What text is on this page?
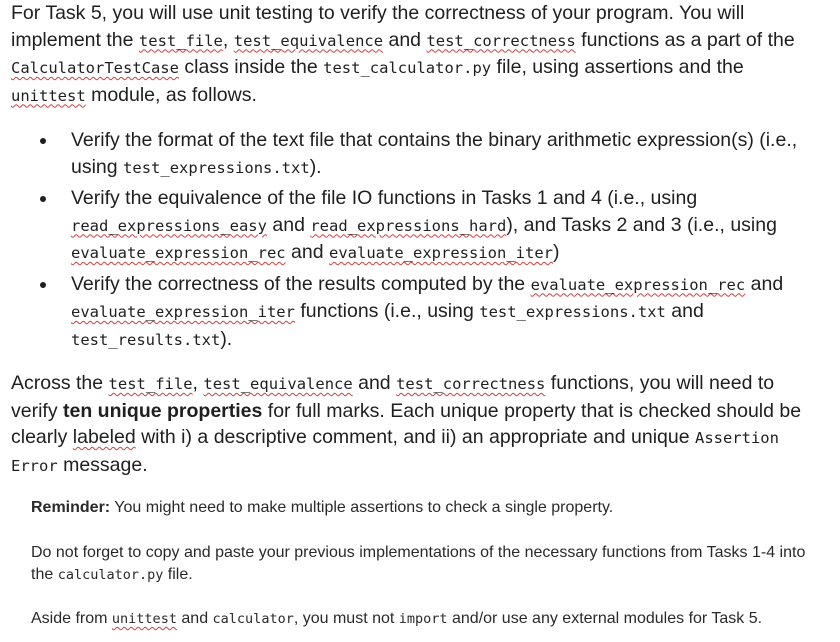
For Task 5, you will use unit testing to verify the correctness of your program. You will implement the test_file, test_equivalence and test_correctness functions as a part of the CalculatorTestCase class inside the test_calculator.py file, using assertions and the unittest module, as follows.

Verify the format of the text file that contains the binary arithmetic expression(s) (i.e., using test_expressions.txt).
Verify the equivalence of the file IO functions in Tasks 1 and 4 (i.e., using read_expressions_easy and read_expressions_hard), and Tasks 2 and 3 (i.e., using evaluate_expression_rec and evaluate_expression_iter)
Verify the correctness of the results computed by the evaluate_expression_rec and evaluate_expression_iter functions (i.e., using test_expressions.txt and test_results.txt).

Across the test_file, test_equivalence and test_correctness functions, you will need to verify ten unique properties for full marks. Each unique property that is checked should be clearly labeled with i) a descriptive comment, and ii) an appropriate and unique Assertion Error message.

Reminder: You might need to make multiple assertions to check a single property.

Do not forget to copy and paste your previous implementations of the necessary functions from Tasks 1-4 into the calculator.py file.

Aside from unittest and calculator, you must not import and/or use any external modules for Task 5.
